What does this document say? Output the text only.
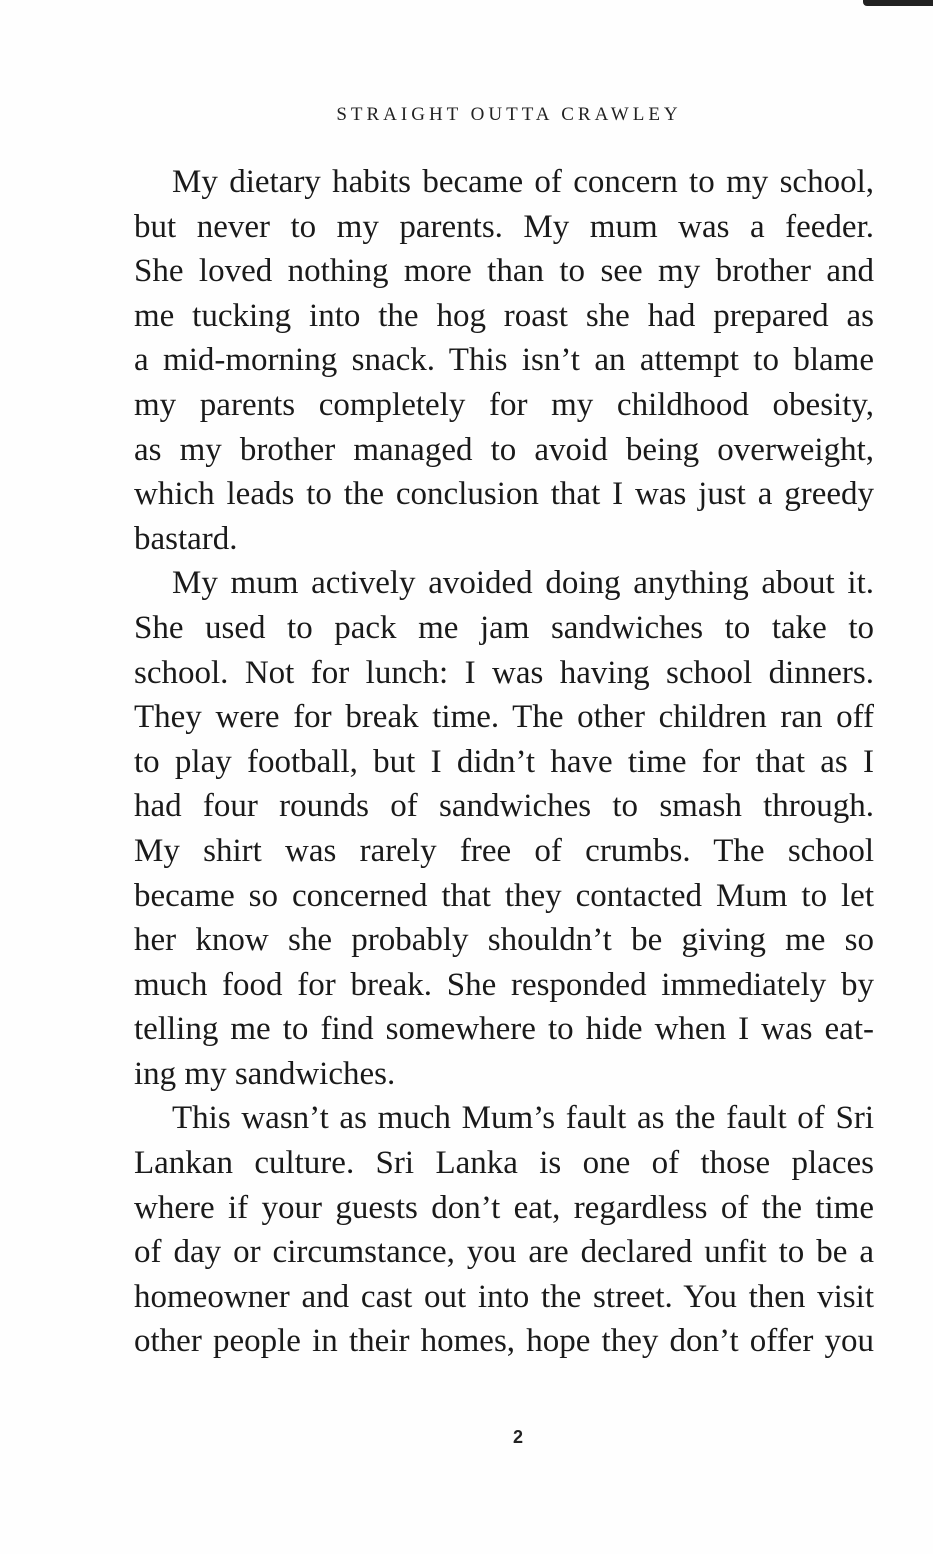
STRAIGHT OUTTA CRAWLEY

My dietary habits became of concern to my school,
but never to my parents. My mum was a feeder.
She loved nothing more than to see my brother and
me tucking into the hog roast she had prepared as
a mid-morning snack. This isn’t an attempt to blame
my parents completely for my childhood obesity,
as my brother managed to avoid being overweight,
which leads to the conclusion that I was just a greedy
bastard.

My mum actively avoided doing anything about it.
She used to pack me jam sandwiches to take to
school. Not for lunch: I was having school dinners.
They were for break time. The other children ran off
to play football, but I didn’t have time for that as I
had four rounds of sandwiches to smash through.
My shirt was rarely free of crumbs. The school
became so concerned that they contacted Mum to let
her know she probably shouldn’t be giving me so
much food for break. She responded immediately by
telling me to find somewhere to hide when I was eat-
ing my sandwiches.

This wasn’t as much Mum’s fault as the fault of Sri
Lankan culture. Sri Lanka is one of those places
where if your guests don’t eat, regardless of the time
of day or circumstance, you are declared unfit to be a
homeowner and cast out into the street. You then visit
other people in their homes, hope they don’t offer you

2
